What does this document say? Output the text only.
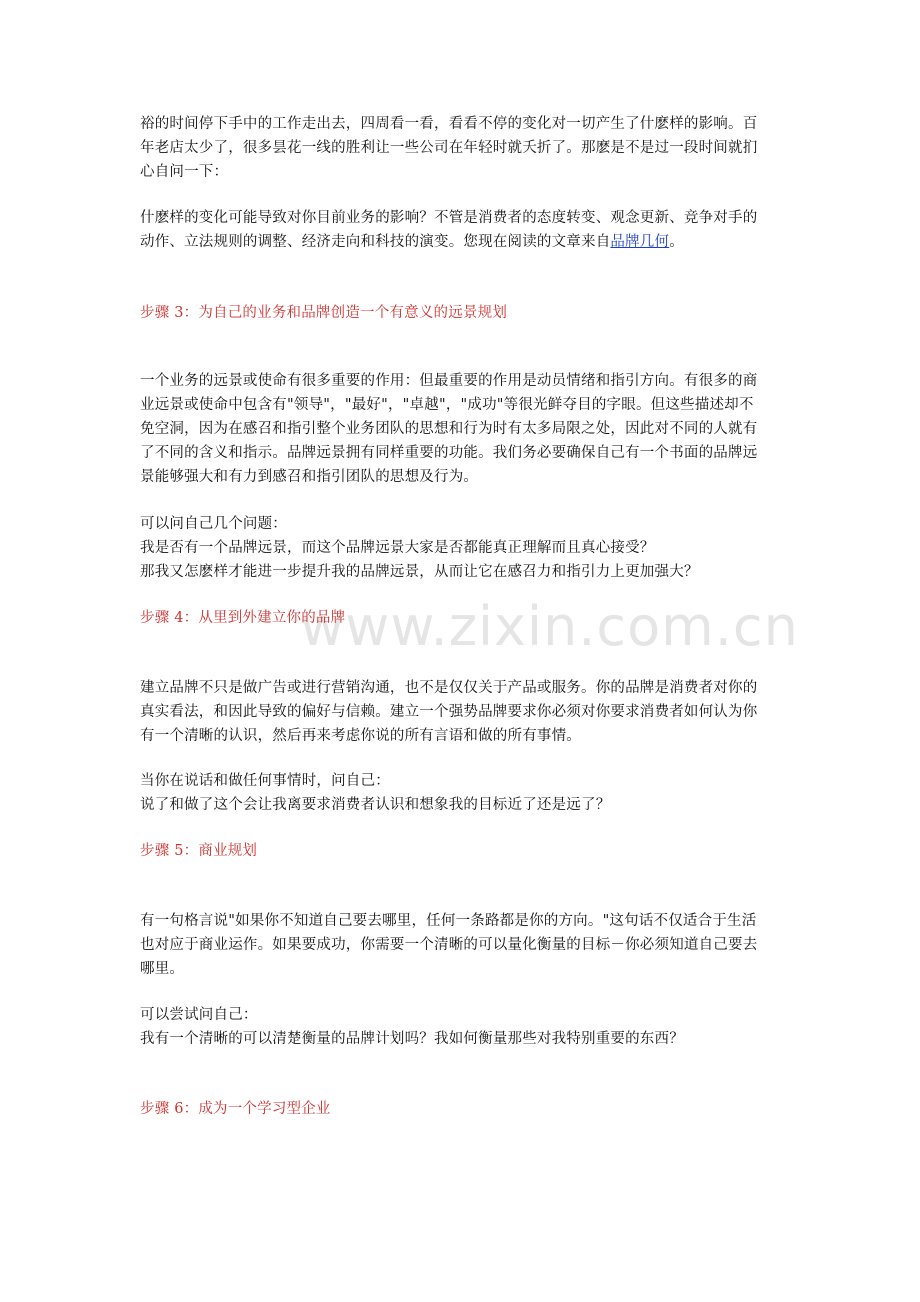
www.zixin.com.cn
裕的时间停下手中的工作走出去，四周看一看，看看不停的变化对一切产生了什麽样的影响。百
年老店太少了，很多昙花一线的胜利让一些公司在年轻时就夭折了。那麽是不是过一段时间就扪
心自问一下：
什麽样的变化可能导致对你目前业务的影响？不管是消费者的态度转变、观念更新、竞争对手的
动作、立法规则的调整、经济走向和科技的演变。您现在阅读的文章来自品牌几何。
步骤 3：为自己的业务和品牌创造一个有意义的远景规划
一个业务的远景或使命有很多重要的作用：但最重要的作用是动员情绪和指引方向。有很多的商
业远景或使命中包含有"领导"，"最好"，"卓越"，"成功"等很光鲜夺目的字眼。但这些描述却不
免空洞，因为在感召和指引整个业务团队的思想和行为时有太多局限之处，因此对不同的人就有
了不同的含义和指示。品牌远景拥有同样重要的功能。我们务必要确保自己有一个书面的品牌远
景能够强大和有力到感召和指引团队的思想及行为。
可以问自己几个问题：
我是否有一个品牌远景，而这个品牌远景大家是否都能真正理解而且真心接受？
那我又怎麽样才能进一步提升我的品牌远景，从而让它在感召力和指引力上更加强大？
步骤 4：从里到外建立你的品牌
建立品牌不只是做广告或进行营销沟通，也不是仅仅关于产品或服务。你的品牌是消费者对你的
真实看法，和因此导致的偏好与信赖。建立一个强势品牌要求你必须对你要求消费者如何认为你
有一个清晰的认识，然后再来考虑你说的所有言语和做的所有事情。
当你在说话和做任何事情时，问自己：
说了和做了这个会让我离要求消费者认识和想象我的目标近了还是远了？
步骤 5：商业规划
有一句格言说"如果你不知道自己要去哪里，任何一条路都是你的方向。"这句话不仅适合于生活
也对应于商业运作。如果要成功，你需要一个清晰的可以量化衡量的目标－你必须知道自己要去
哪里。
可以尝试问自己：
我有一个清晰的可以清楚衡量的品牌计划吗？我如何衡量那些对我特别重要的东西？
步骤 6：成为一个学习型企业
